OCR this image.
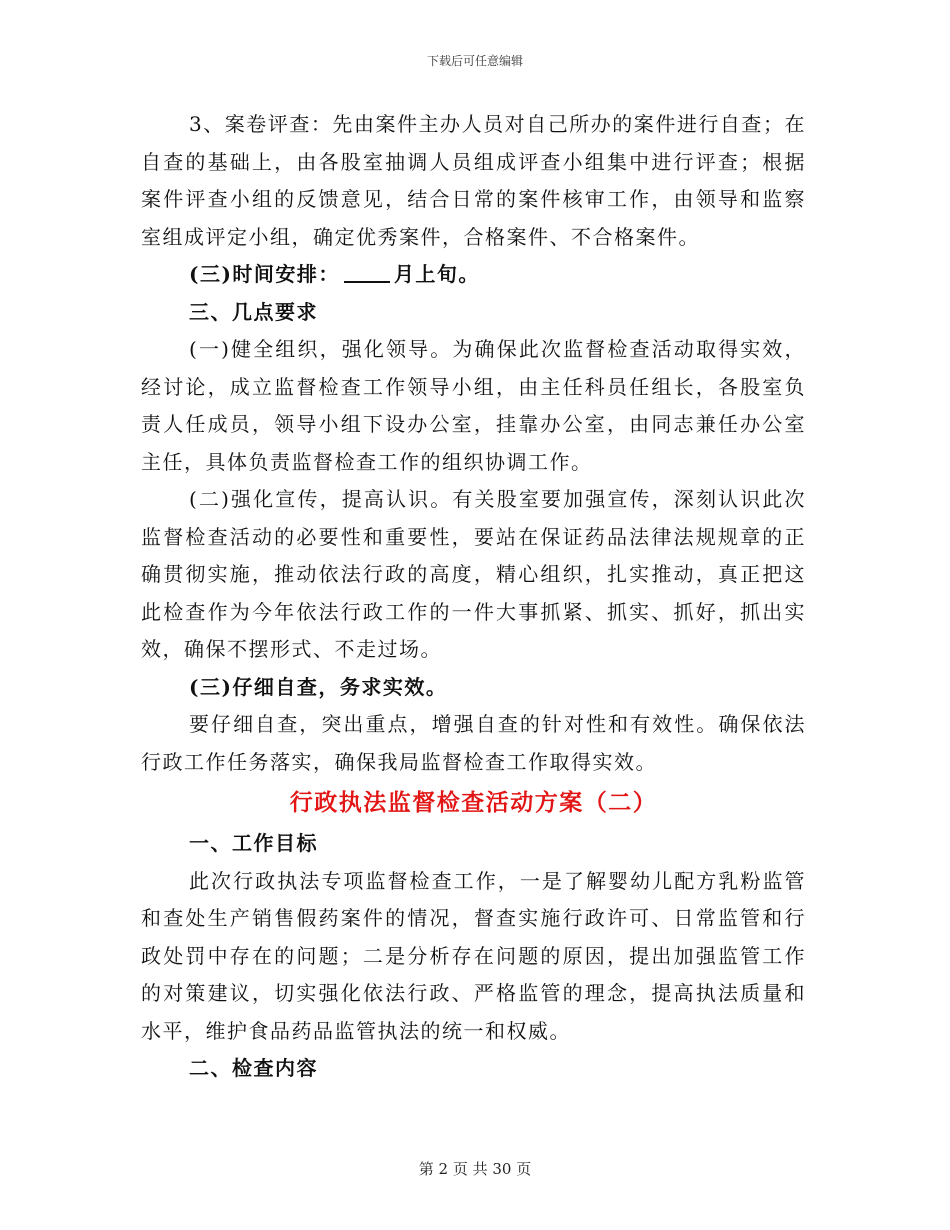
下载后可任意编辑

3、案卷评查：先由案件主办人员对自己所办的案件进行自查；在自查的基础上，由各股室抽调人员组成评查小组集中进行评查；根据案件评查小组的反馈意见，结合日常的案件核审工作，由领导和监察室组成评定小组，确定优秀案件，合格案件、不合格案件。

(三)时间安排：	月上旬。

三、几点要求

(一)健全组织，强化领导。为确保此次监督检查活动取得实效，经讨论，成立监督检查工作领导小组，由主任科员任组长，各股室负责人任成员，领导小组下设办公室，挂靠办公室，由同志兼任办公室主任，具体负责监督检查工作的组织协调工作。

(二)强化宣传，提高认识。有关股室要加强宣传，深刻认识此次监督检查活动的必要性和重要性，要站在保证药品法律法规规章的正确贯彻实施，推动依法行政的高度，精心组织，扎实推动，真正把这此检查作为今年依法行政工作的一件大事抓紧、抓实、抓好，抓出实效，确保不摆形式、不走过场。

(三)仔细自查，务求实效。

要仔细自查，突出重点，增强自查的针对性和有效性。确保依法行政工作任务落实，确保我局监督检查工作取得实效。

行政执法监督检查活动方案（二）

一、工作目标

此次行政执法专项监督检查工作，一是了解婴幼儿配方乳粉监管和查处生产销售假药案件的情况，督查实施行政许可、日常监管和行政处罚中存在的问题；二是分析存在问题的原因，提出加强监管工作的对策建议，切实强化依法行政、严格监管的理念，提高执法质量和水平，维护食品药品监管执法的统一和权威。

二、检查内容

第 2 页 共 30 页
